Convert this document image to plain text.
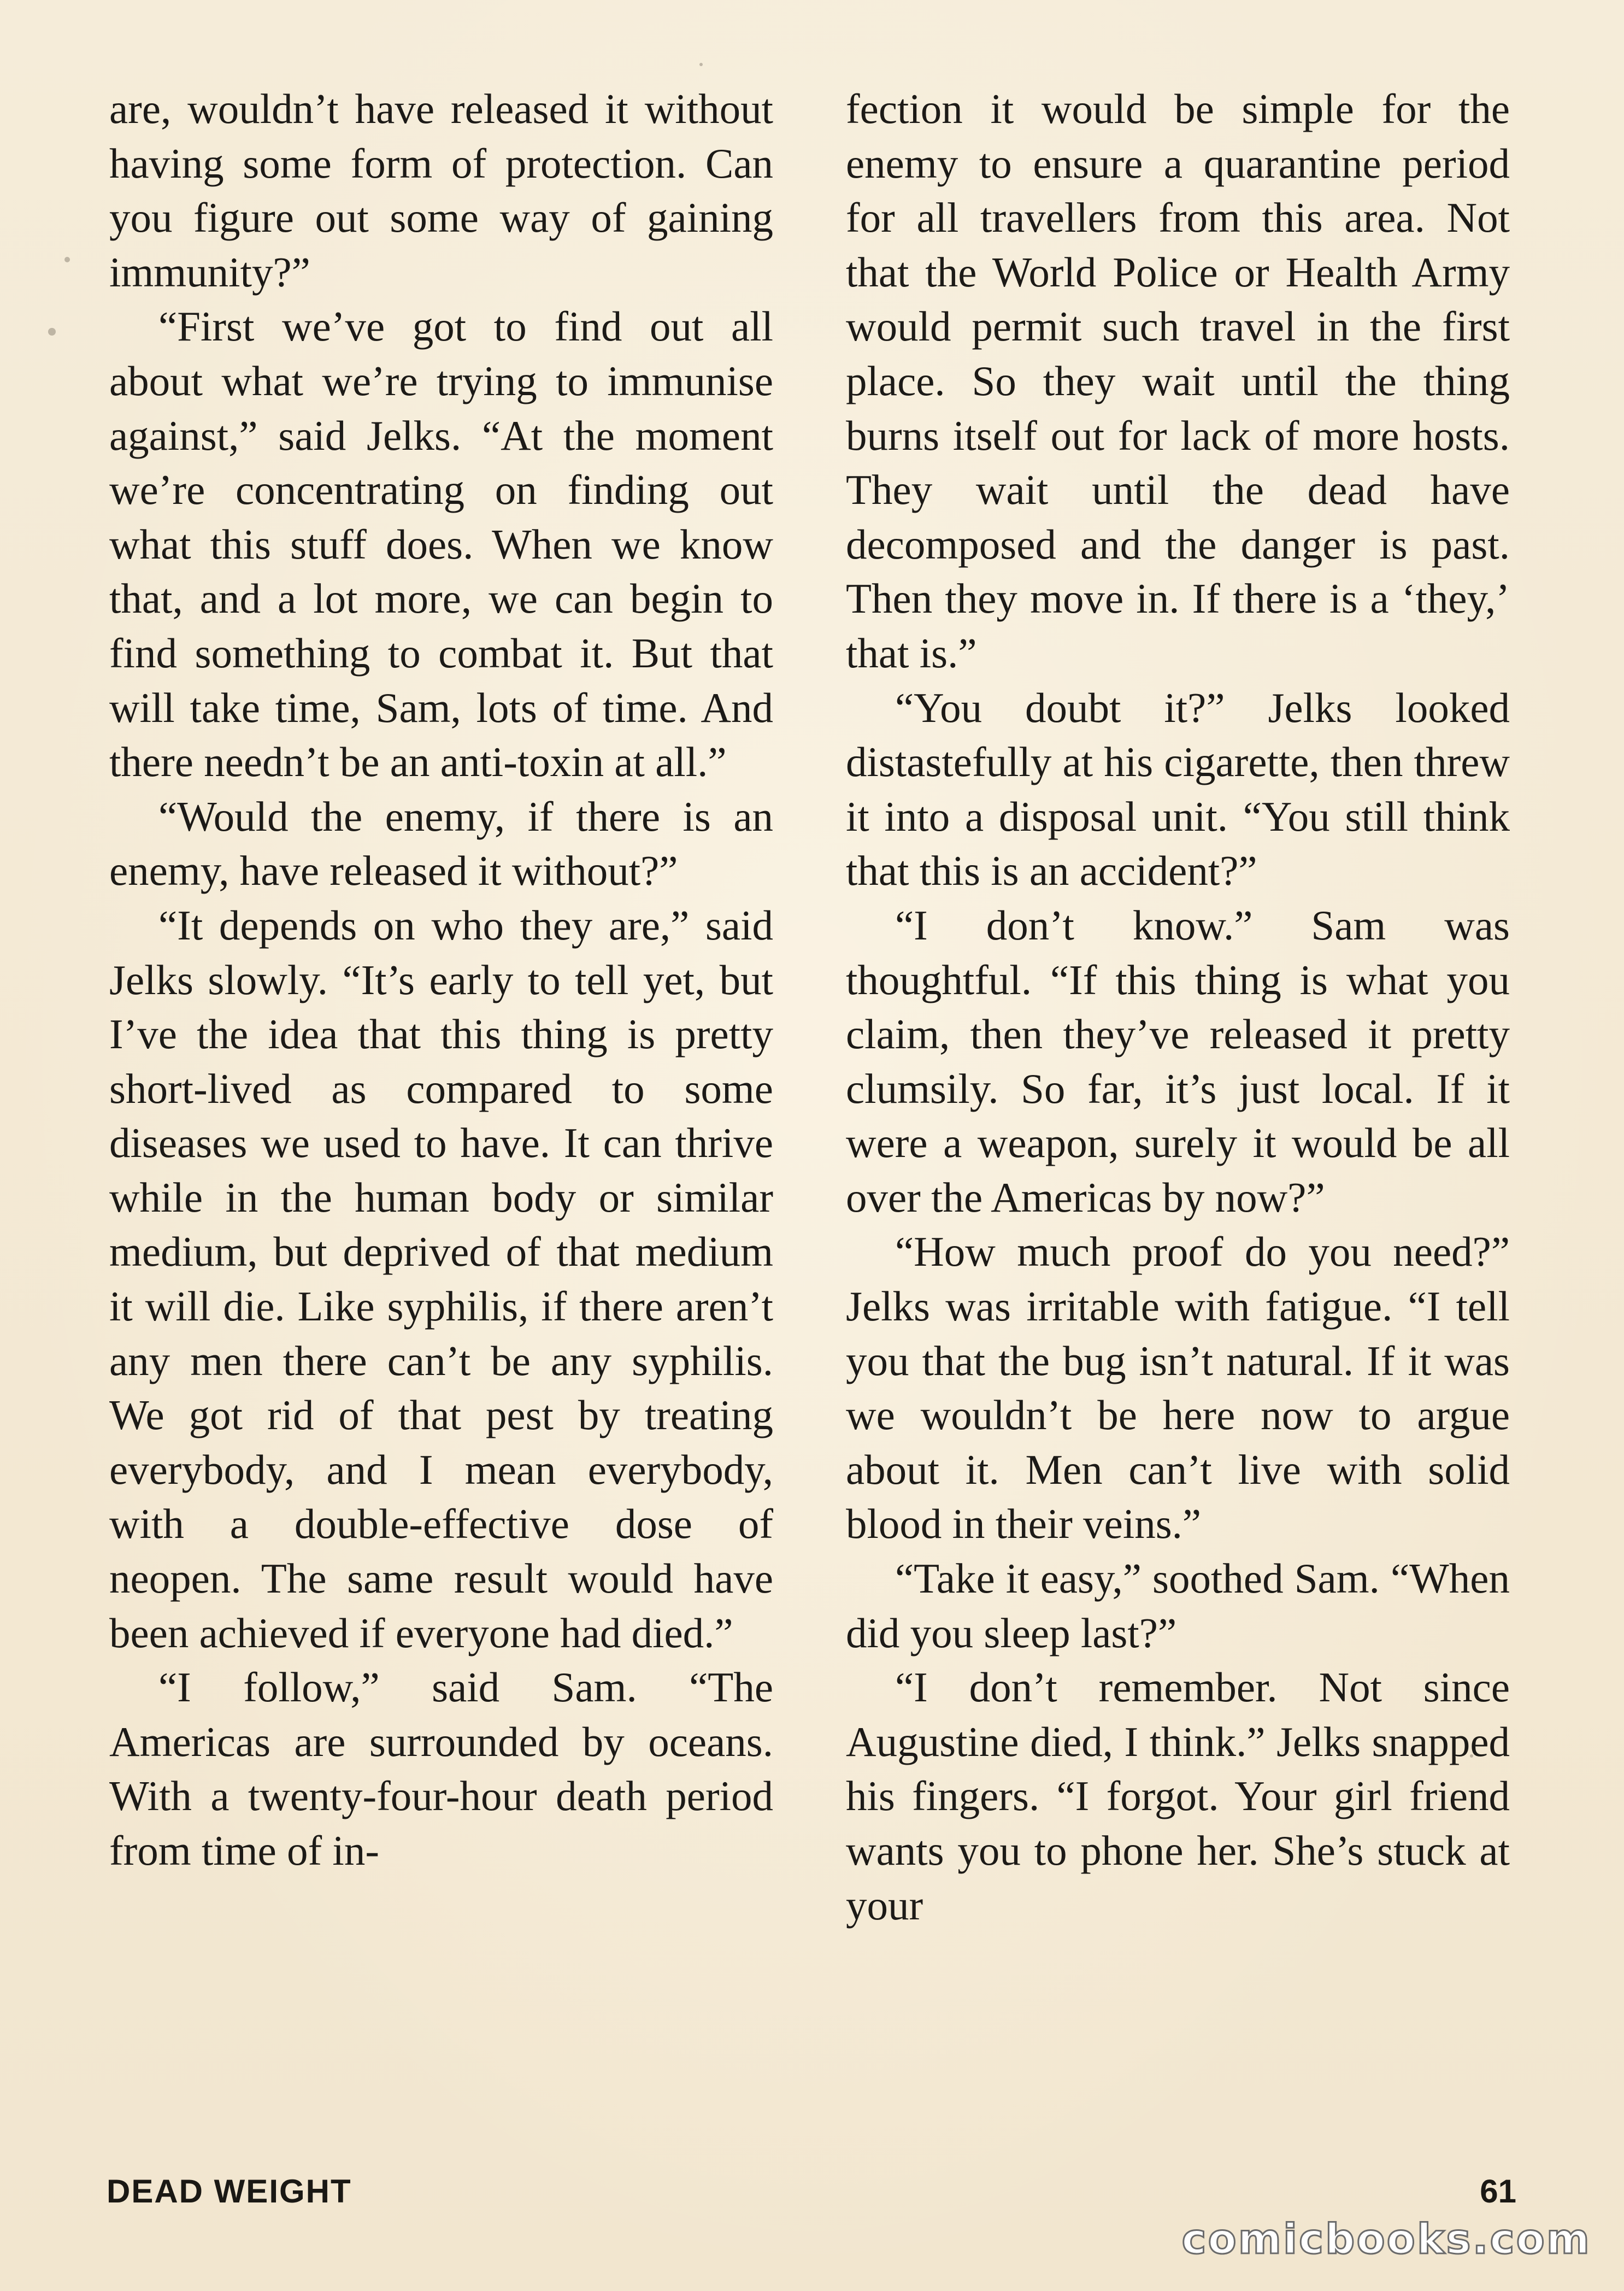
are, wouldn’t have released it without having some form of protection. Can you figure out some way of gaining immunity?”

“First we’ve got to find out all about what we’re trying to immunise against,” said Jelks. “At the moment we’re concentrating on finding out what this stuff does. When we know that, and a lot more, we can begin to find something to combat it. But that will take time, Sam, lots of time. And there needn’t be an anti-toxin at all.”

“Would the enemy, if there is an enemy, have released it without?”

“It depends on who they are,” said Jelks slowly. “It’s early to tell yet, but I’ve the idea that this thing is pretty short-lived as compared to some diseases we used to have. It can thrive while in the human body or similar medium, but deprived of that medium it will die. Like syphilis, if there aren’t any men there can’t be any syphilis. We got rid of that pest by treating everybody, and I mean everybody, with a double-effective dose of neopen. The same result would have been achieved if everyone had died.”

“I follow,” said Sam. “The Americas are surrounded by oceans. With a twenty-four-hour death period from time of in-

fection it would be simple for the enemy to ensure a quarantine period for all travellers from this area. Not that the World Police or Health Army would permit such travel in the first place. So they wait until the thing burns itself out for lack of more hosts. They wait until the dead have decomposed and the danger is past. Then they move in. If there is a ‘they,’ that is.”

“You doubt it?” Jelks looked distastefully at his cigarette, then threw it into a disposal unit. “You still think that this is an accident?”

“I don’t know.” Sam was thoughtful. “If this thing is what you claim, then they’ve released it pretty clumsily. So far, it’s just local. If it were a weapon, surely it would be all over the Americas by now?”

“How much proof do you need?” Jelks was irritable with fatigue. “I tell you that the bug isn’t natural. If it was we wouldn’t be here now to argue about it. Men can’t live with solid blood in their veins.”

“Take it easy,” soothed Sam. “When did you sleep last?”

“I don’t remember. Not since Augustine died, I think.” Jelks snapped his fingers. “I forgot. Your girl friend wants you to phone her. She’s stuck at your

DEAD WEIGHT	61
comicbooks.com
